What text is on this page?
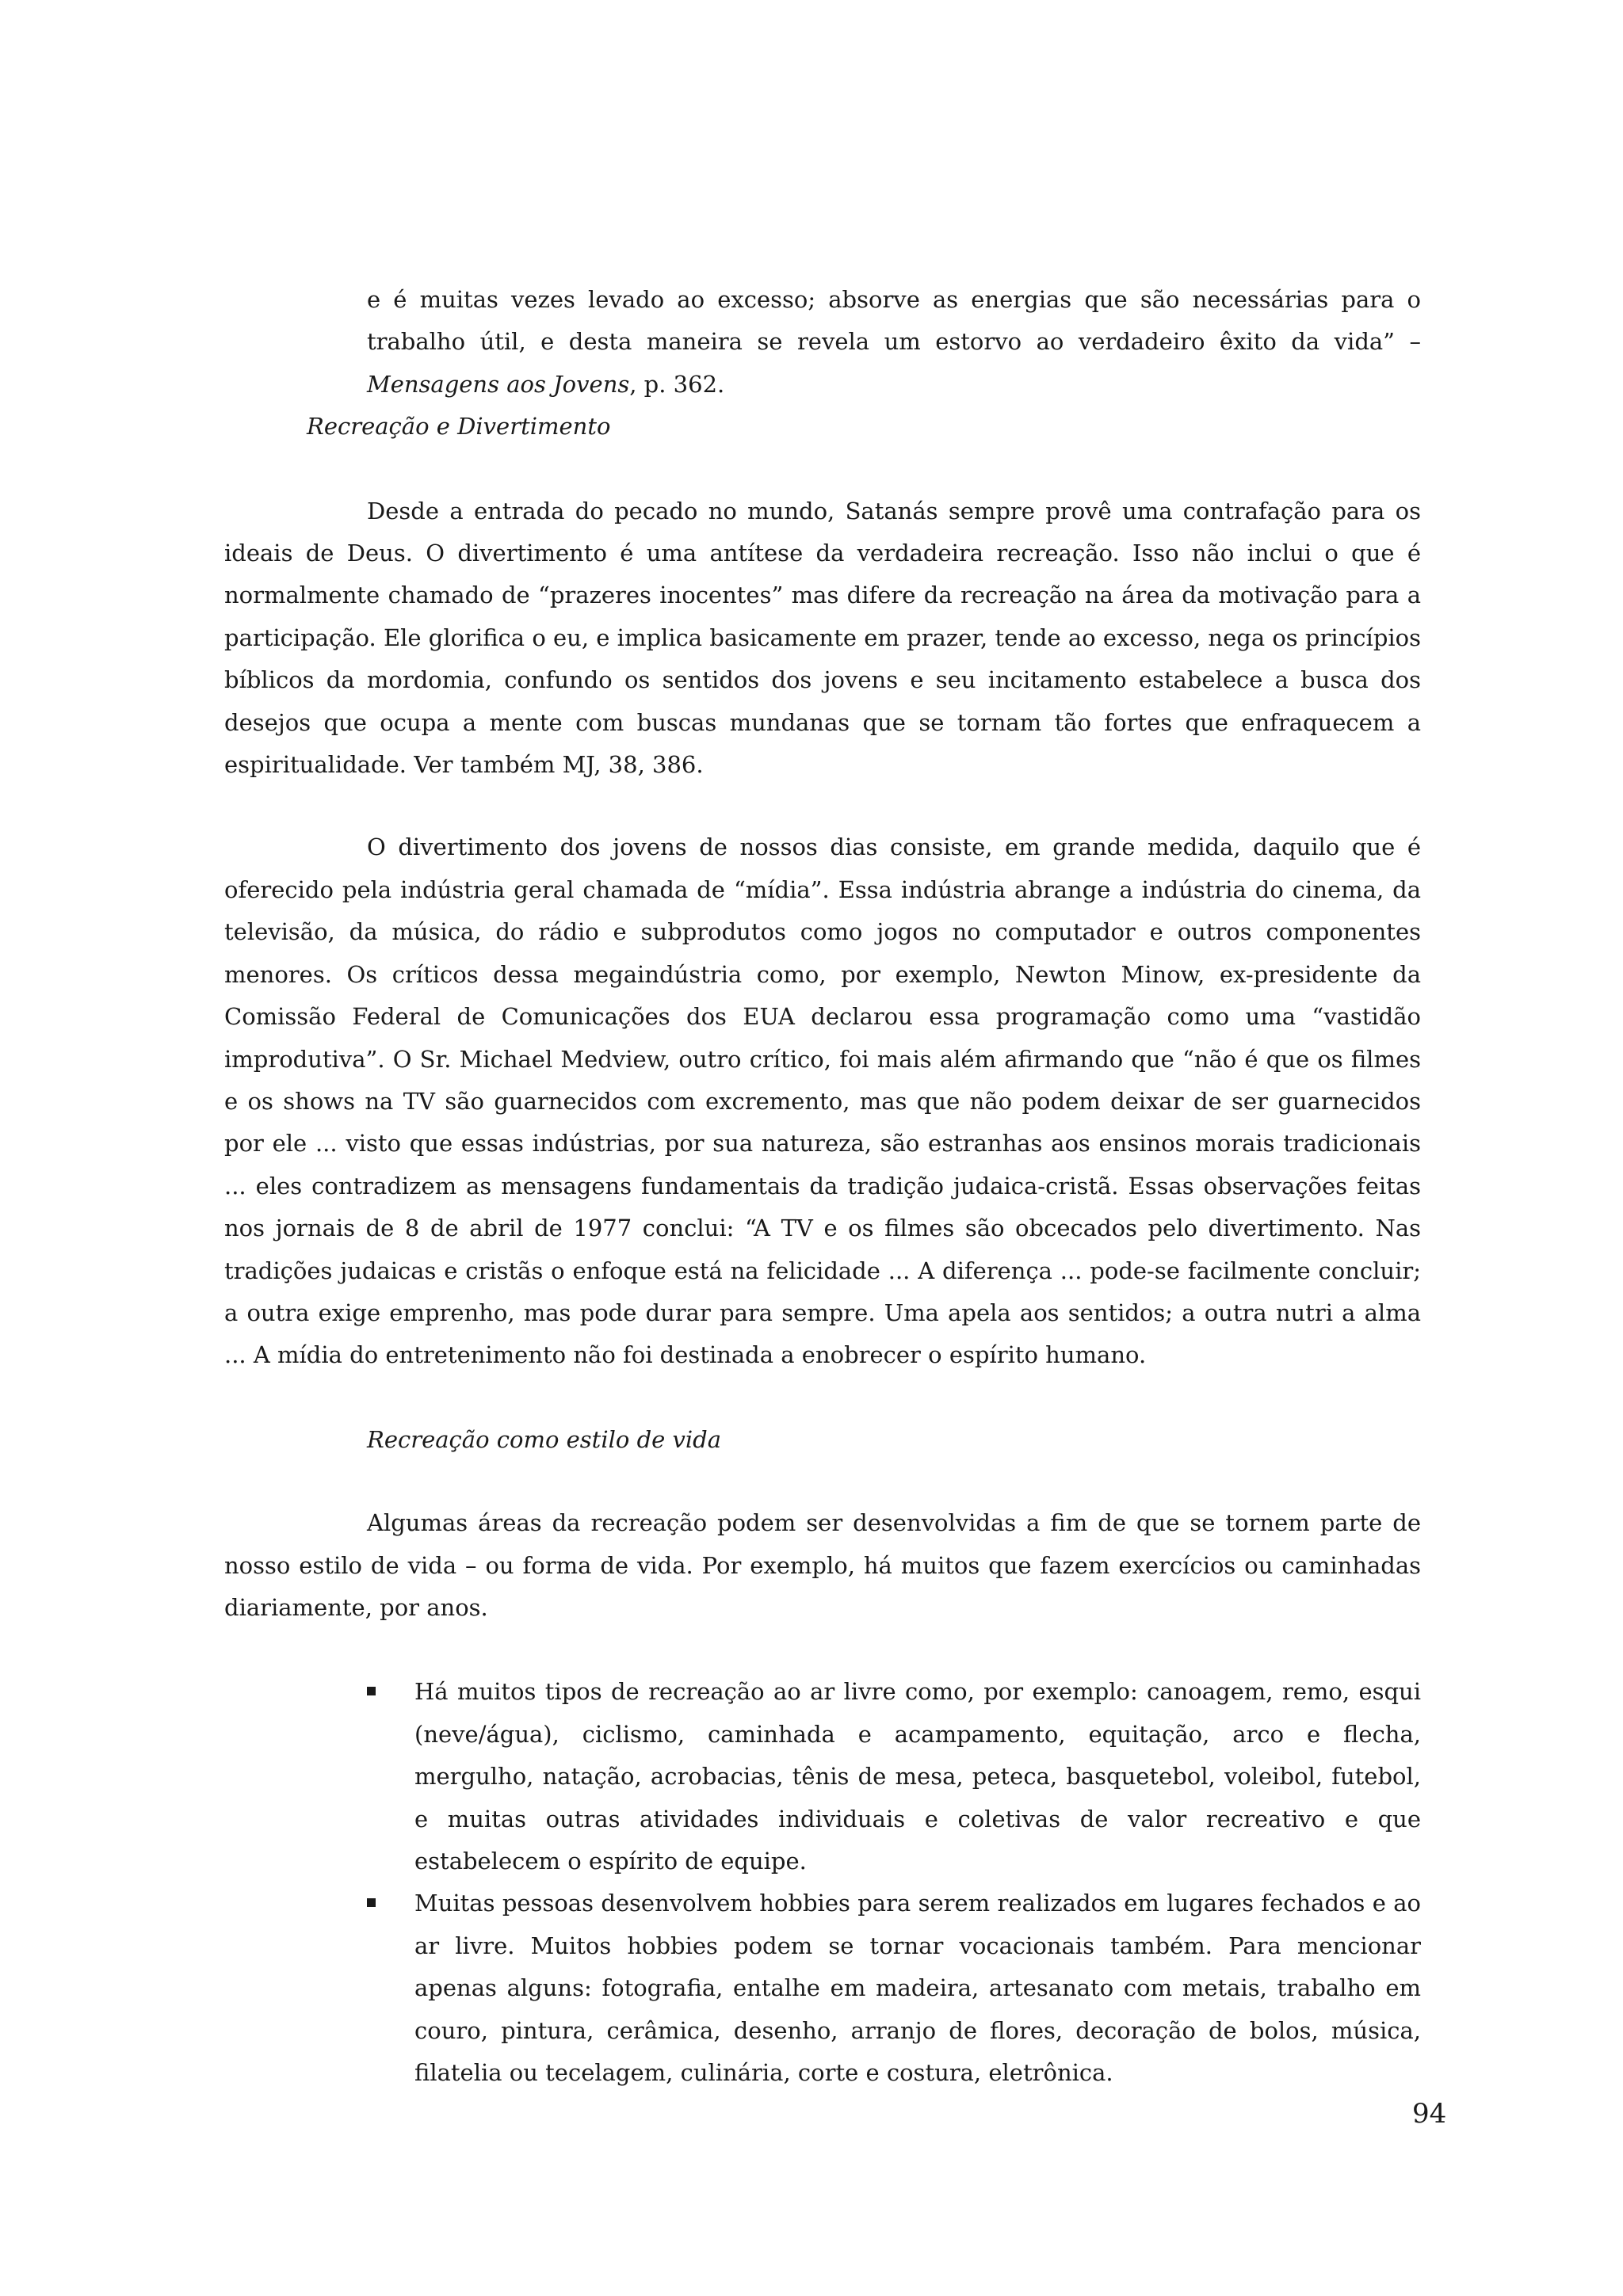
e é muitas vezes levado ao excesso; absorve as energias que são necessárias para o trabalho útil, e desta maneira se revela um estorvo ao verdadeiro êxito da vida” – Mensagens aos Jovens, p. 362.

Recreação e Divertimento

Desde a entrada do pecado no mundo, Satanás sempre provê uma contrafação para os ideais de Deus. O divertimento é uma antítese da verdadeira recreação. Isso não inclui o que é normalmente chamado de “prazeres inocentes” mas difere da recreação na área da motivação para a participação. Ele glorifica o eu, e implica basicamente em prazer, tende ao excesso, nega os princípios bíblicos da mordomia, confundo os sentidos dos jovens e seu incitamento estabelece a busca dos desejos que ocupa a mente com buscas mundanas que se tornam tão fortes que enfraquecem a espiritualidade. Ver também MJ, 38, 386.

O divertimento dos jovens de nossos dias consiste, em grande medida, daquilo que é oferecido pela indústria geral chamada de “mídia”. Essa indústria abrange a indústria do cinema, da televisão, da música, do rádio e subprodutos como jogos no computador e outros componentes menores. Os críticos dessa megaindústria como, por exemplo, Newton Minow, ex-presidente da Comissão Federal de Comunicações dos EUA declarou essa programação como uma “vastidão improdutiva”. O Sr. Michael Medview, outro crítico, foi mais além afirmando que “não é que os filmes e os shows na TV são guarnecidos com excremento, mas que não podem deixar de ser guarnecidos por ele ... visto que essas indústrias, por sua natureza, são estranhas aos ensinos morais tradicionais ... eles contradizem as mensagens fundamentais da tradição judaica-cristã. Essas observações feitas nos jornais de 8 de abril de 1977 conclui: “A TV e os filmes são obcecados pelo divertimento. Nas tradições judaicas e cristãs o enfoque está na felicidade ... A diferença ... pode-se facilmente concluir; a outra exige emprenho, mas pode durar para sempre. Uma apela aos sentidos; a outra nutri a alma ... A mídia do entretenimento não foi destinada a enobrecer o espírito humano.

Recreação como estilo de vida

Algumas áreas da recreação podem ser desenvolvidas a fim de que se tornem parte de nosso estilo de vida – ou forma de vida. Por exemplo, há muitos que fazem exercícios ou caminhadas diariamente, por anos.

Há muitos tipos de recreação ao ar livre como, por exemplo: canoagem, remo, esqui (neve/água), ciclismo, caminhada e acampamento, equitação, arco e flecha, mergulho, natação, acrobacias, tênis de mesa, peteca, basquetebol, voleibol, futebol, e muitas outras atividades individuais e coletivas de valor recreativo e que estabelecem o espírito de equipe.
Muitas pessoas desenvolvem hobbies para serem realizados em lugares fechados e ao ar livre. Muitos hobbies podem se tornar vocacionais também. Para mencionar apenas alguns: fotografia, entalhe em madeira, artesanato com metais, trabalho em couro, pintura, cerâmica, desenho, arranjo de flores, decoração de bolos, música, filatelia ou tecelagem, culinária, corte e costura, eletrônica.
94
